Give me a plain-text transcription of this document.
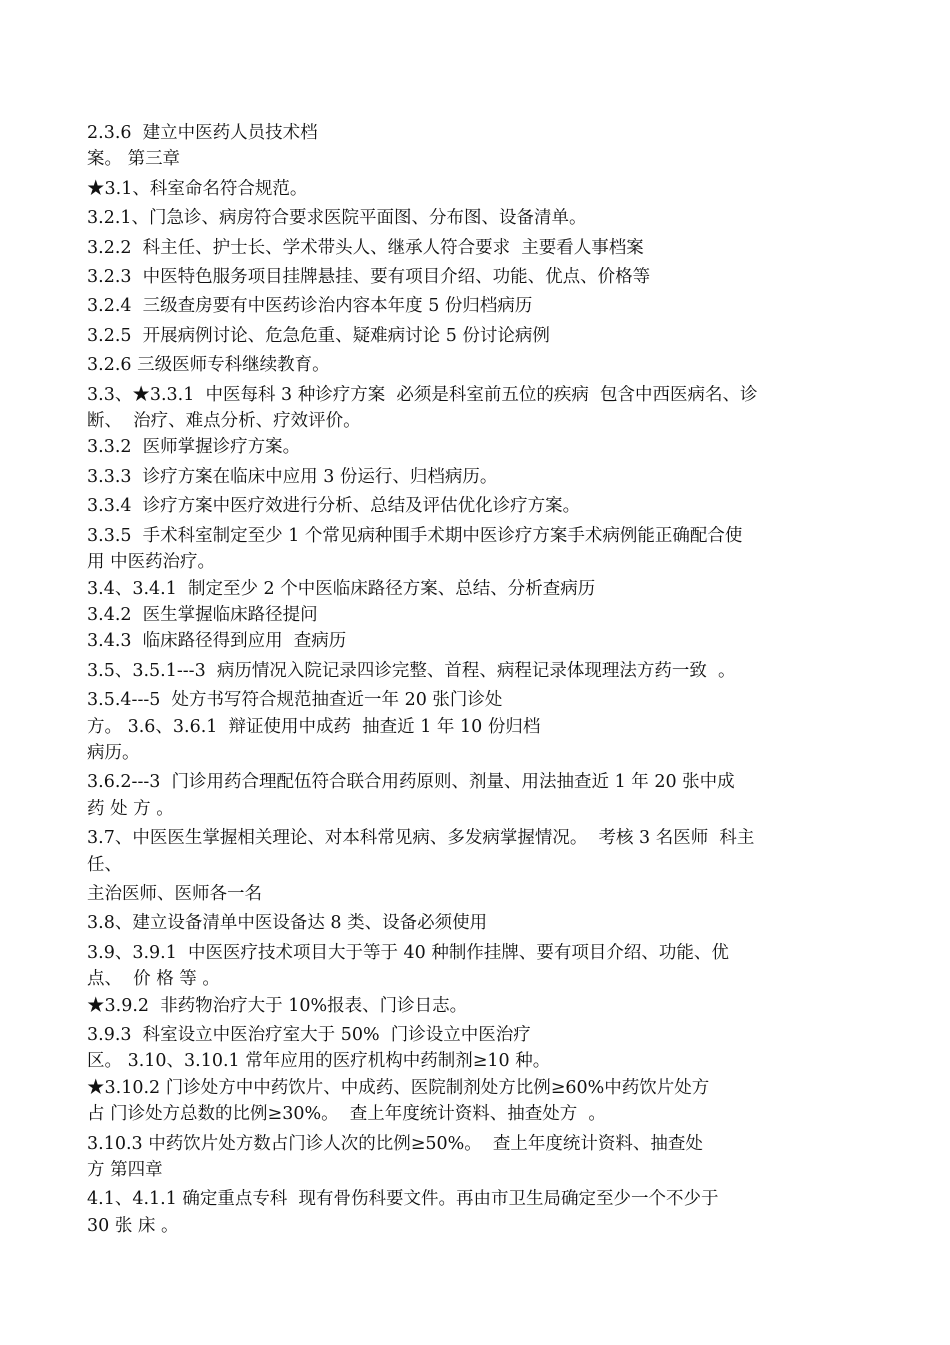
2.3.6  建立中医药人员技术档

案。 第三章

★3.1、科室命名符合规范。

3.2.1、门急诊、病房符合要求医院平面图、分布图、设备清单。

3.2.2  科主任、护士长、学术带头人、继承人符合要求  主要看人事档案

3.2.3  中医特色服务项目挂牌悬挂、要有项目介绍、功能、优点、价格等

3.2.4  三级查房要有中医药诊治内容本年度 5 份归档病历

3.2.5  开展病例讨论、危急危重、疑难病讨论 5 份讨论病例

3.2.6 三级医师专科继续教育。

3.3、★3.3.1  中医每科 3 种诊疗方案  必须是科室前五位的疾病  包含中西医病名、诊

断、  治疗、难点分析、疗效评价。

3.3.2  医师掌握诊疗方案。

3.3.3  诊疗方案在临床中应用 3 份运行、归档病历。

3.3.4  诊疗方案中医疗效进行分析、总结及评估优化诊疗方案。

3.3.5  手术科室制定至少 1 个常见病种围手术期中医诊疗方案手术病例能正确配合使

用 中医药治疗。

3.4、3.4.1  制定至少 2 个中医临床路径方案、总结、分析查病历

3.4.2  医生掌握临床路径提问

3.4.3  临床路径得到应用  查病历

3.5、3.5.1---3  病历情况入院记录四诊完整、首程、病程记录体现理法方药一致  。

3.5.4---5  处方书写符合规范抽查近一年 20 张门诊处

方。 3.6、3.6.1  辩证使用中成药  抽查近 1 年 10 份归档

病历。

3.6.2---3  门诊用药合理配伍符合联合用药原则、剂量、用法抽查近 1 年 20 张中成

药 处 方 。

3.7、中医医生掌握相关理论、对本科常见病、多发病掌握情况。  考核 3 名医师  科主

任、

主治医师、医师各一名

3.8、建立设备清单中医设备达 8 类、设备必须使用

3.9、3.9.1  中医医疗技术项目大于等于 40 种制作挂牌、要有项目介绍、功能、优

点、  价 格 等 。

★3.9.2  非药物治疗大于 10%报表、门诊日志。

3.9.3  科室设立中医治疗室大于 50%  门诊设立中医治疗

区。 3.10、3.10.1 常年应用的医疗机构中药制剂≥10 种。

★3.10.2 门诊处方中中药饮片、中成药、医院制剂处方比例≥60%中药饮片处方

占 门诊处方总数的比例≥30%。  查上年度统计资料、抽查处方  。

3.10.3 中药饮片处方数占门诊人次的比例≥50%。  查上年度统计资料、抽查处

方 第四章

4.1、4.1.1 确定重点专科  现有骨伤科要文件。再由市卫生局确定至少一个不少于

30 张 床 。
